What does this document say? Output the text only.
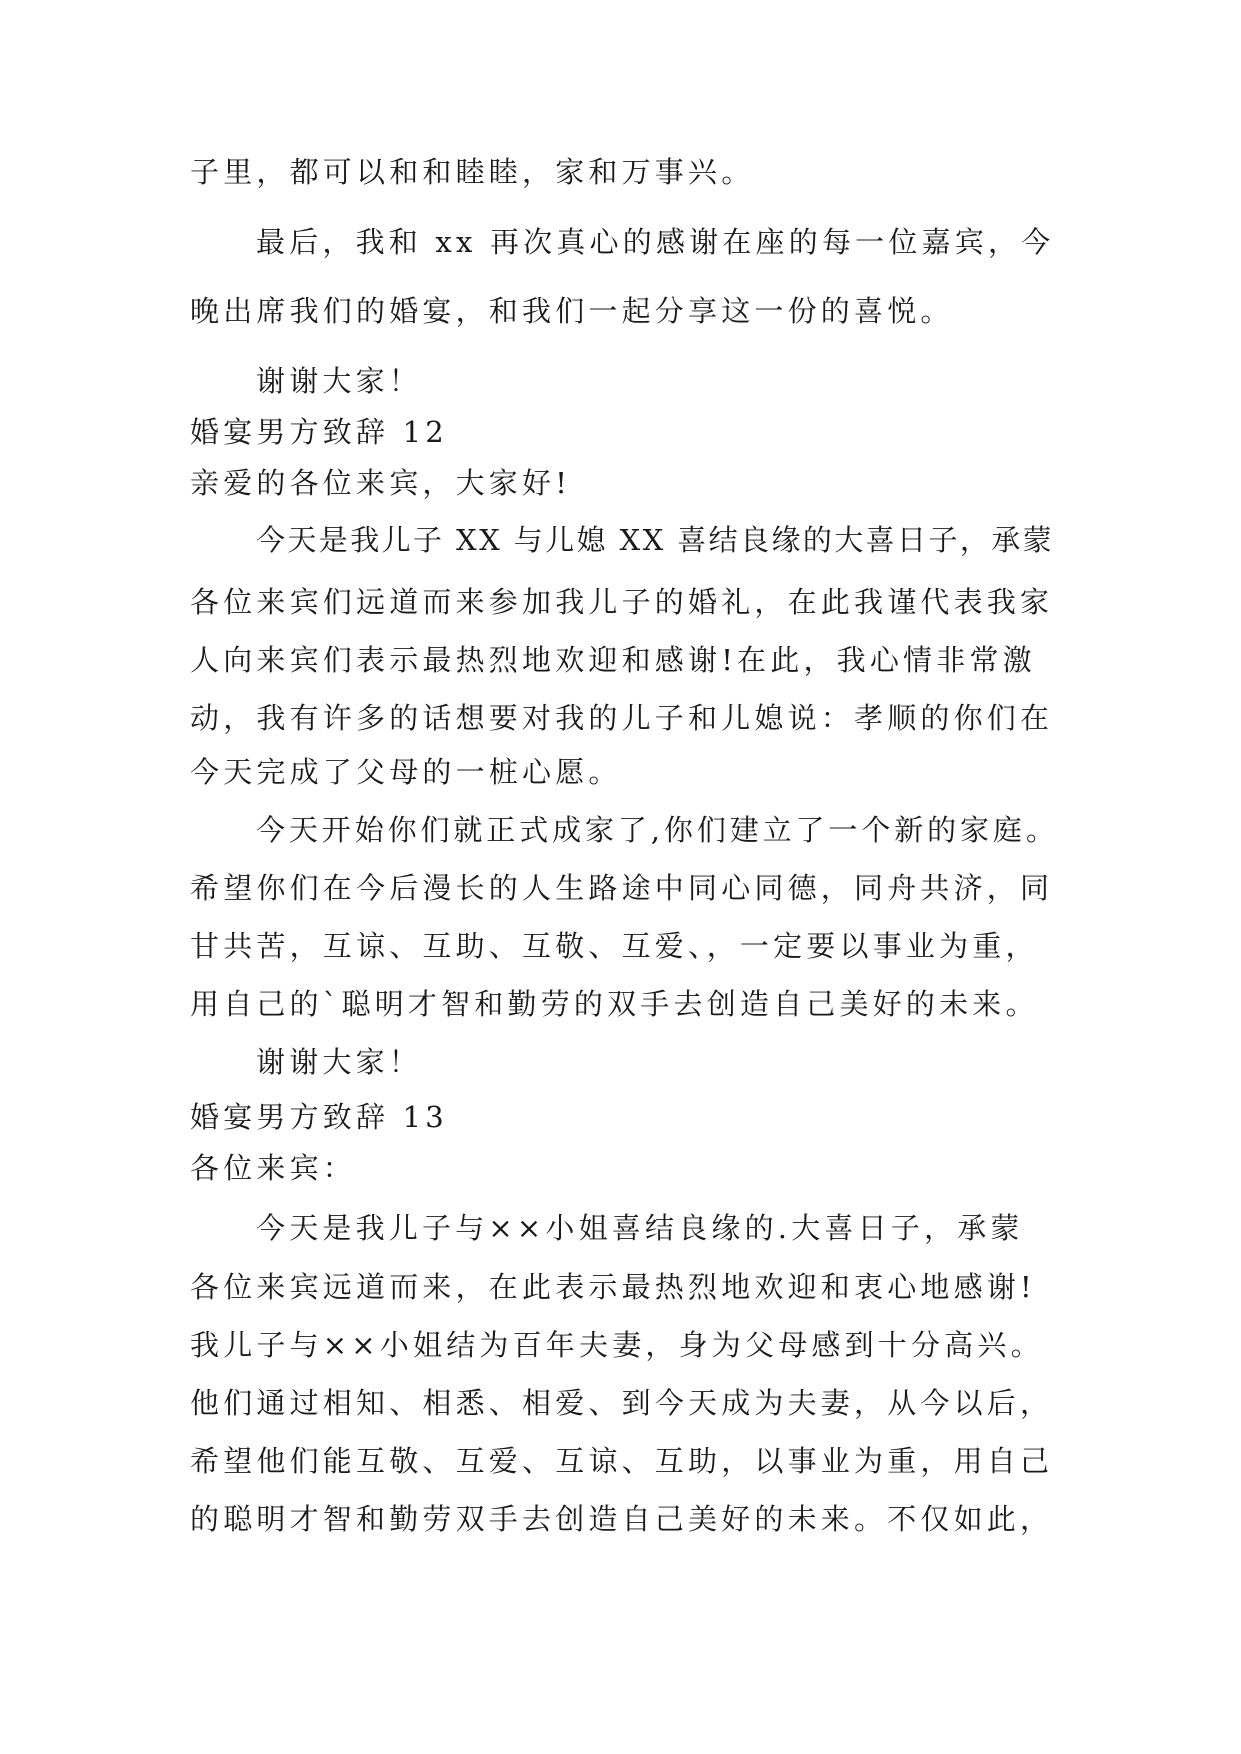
子里，都可以和和睦睦，家和万事兴。
最后，我和 xx 再次真心的感谢在座的每一位嘉宾，今
晚出席我们的婚宴，和我们一起分享这一份的喜悦。
谢谢大家！
婚宴男方致辞 12
亲爱的各位来宾，大家好!
今天是我儿子 XX 与儿媳 XX 喜结良缘的大喜日子，承蒙
各位来宾们远道而来参加我儿子的婚礼，在此我谨代表我家
人向来宾们表示最热烈地欢迎和感谢!在此，我心情非常激
动，我有许多的话想要对我的儿子和儿媳说：孝顺的你们在
今天完成了父母的一桩心愿。
今天开始你们就正式成家了,你们建立了一个新的家庭。
希望你们在今后漫长的人生路途中同心同德，同舟共济，同
甘共苦，互谅、互助、互敬、互爱、，一定要以事业为重，
用自己的`聪明才智和勤劳的双手去创造自己美好的未来。
谢谢大家！
婚宴男方致辞 13
各位来宾：
今天是我儿子与××小姐喜结良缘的.大喜日子，承蒙
各位来宾远道而来，在此表示最热烈地欢迎和衷心地感谢!
我儿子与××小姐结为百年夫妻，身为父母感到十分高兴。
他们通过相知、相悉、相爱、到今天成为夫妻，从今以后，
希望他们能互敬、互爱、互谅、互助，以事业为重，用自己
的聪明才智和勤劳双手去创造自己美好的未来。不仅如此，
